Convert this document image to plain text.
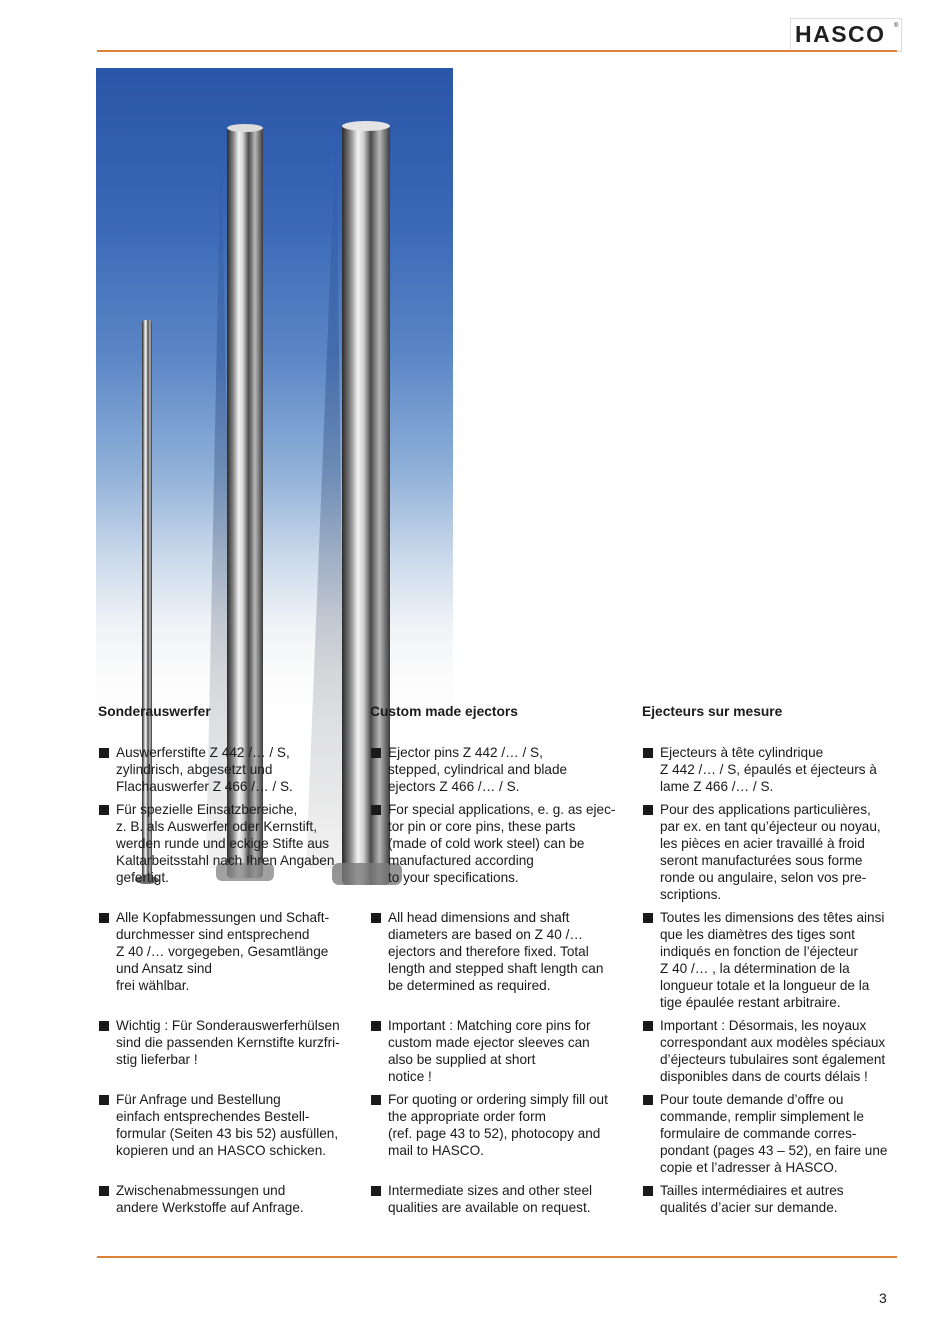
HASCO ®
Sonderauswerfer
Auswerferstifte Z 442 /… / S,
zylindrisch, abgesetzt und
Flachauswerfer Z 466 /… / S.
Für spezielle Einsatzbereiche,
z. B. als Auswerfer oder Kernstift,
werden runde und eckige Stifte aus
Kaltarbeitsstahl nach Ihren Angaben
gefertigt.
Alle Kopfabmessungen und Schaft-
durchmesser sind entsprechend
Z 40 /… vorgegeben, Gesamtlänge
und Ansatz sind
frei wählbar.
Wichtig : Für Sonderauswerferhülsen
sind die passenden Kernstifte kurzfri-
stig lieferbar !
Für Anfrage und Bestellung
einfach entsprechendes Bestell-
formular (Seiten 43 bis 52) ausfüllen,
kopieren und an HASCO schicken.
Zwischenabmessungen und
andere Werkstoffe auf Anfrage.
Custom made ejectors
Ejector pins Z 442 /… / S,
stepped, cylindrical and blade
ejectors Z 466 /… / S.
For special applications, e. g. as ejec-
tor pin or core pins, these parts
(made of cold work steel) can be
manufactured according
to your specifications.
All head dimensions and shaft
diameters are based on Z 40 /…
ejectors and therefore fixed. Total
length and stepped shaft length can
be determined as required.
Important : Matching core pins for
custom made ejector sleeves can
also be supplied at short
notice !
For quoting or ordering simply fill out
the appropriate order form
(ref. page 43 to 52), photocopy and
mail to HASCO.
Intermediate sizes and other steel
qualities are available on request.
Ejecteurs sur mesure
Ejecteurs à tête cylindrique
Z 442 /… / S, épaulés et éjecteurs à
lame Z 466 /… / S.
Pour des applications particulières,
par ex. en tant qu’éjecteur ou noyau,
les pièces en acier travaillé à froid
seront manufacturées sous forme
ronde ou angulaire, selon vos pre-
scriptions.
Toutes les dimensions des têtes ainsi
que les diamètres des tiges sont
indiqués en fonction de l’éjecteur
Z 40 /… , la détermination de la
longueur totale et la longueur de la
tige épaulée restant arbitraire.
Important : Désormais, les noyaux
correspondant aux modèles spéciaux
d’éjecteurs tubulaires sont également
disponibles dans de courts délais !
Pour toute demande d’offre ou
commande, remplir simplement le
formulaire de commande corres-
pondant (pages 43 – 52), en faire une
copie et l’adresser à HASCO.
Tailles intermédiaires et autres
qualités d’acier sur demande.
3
